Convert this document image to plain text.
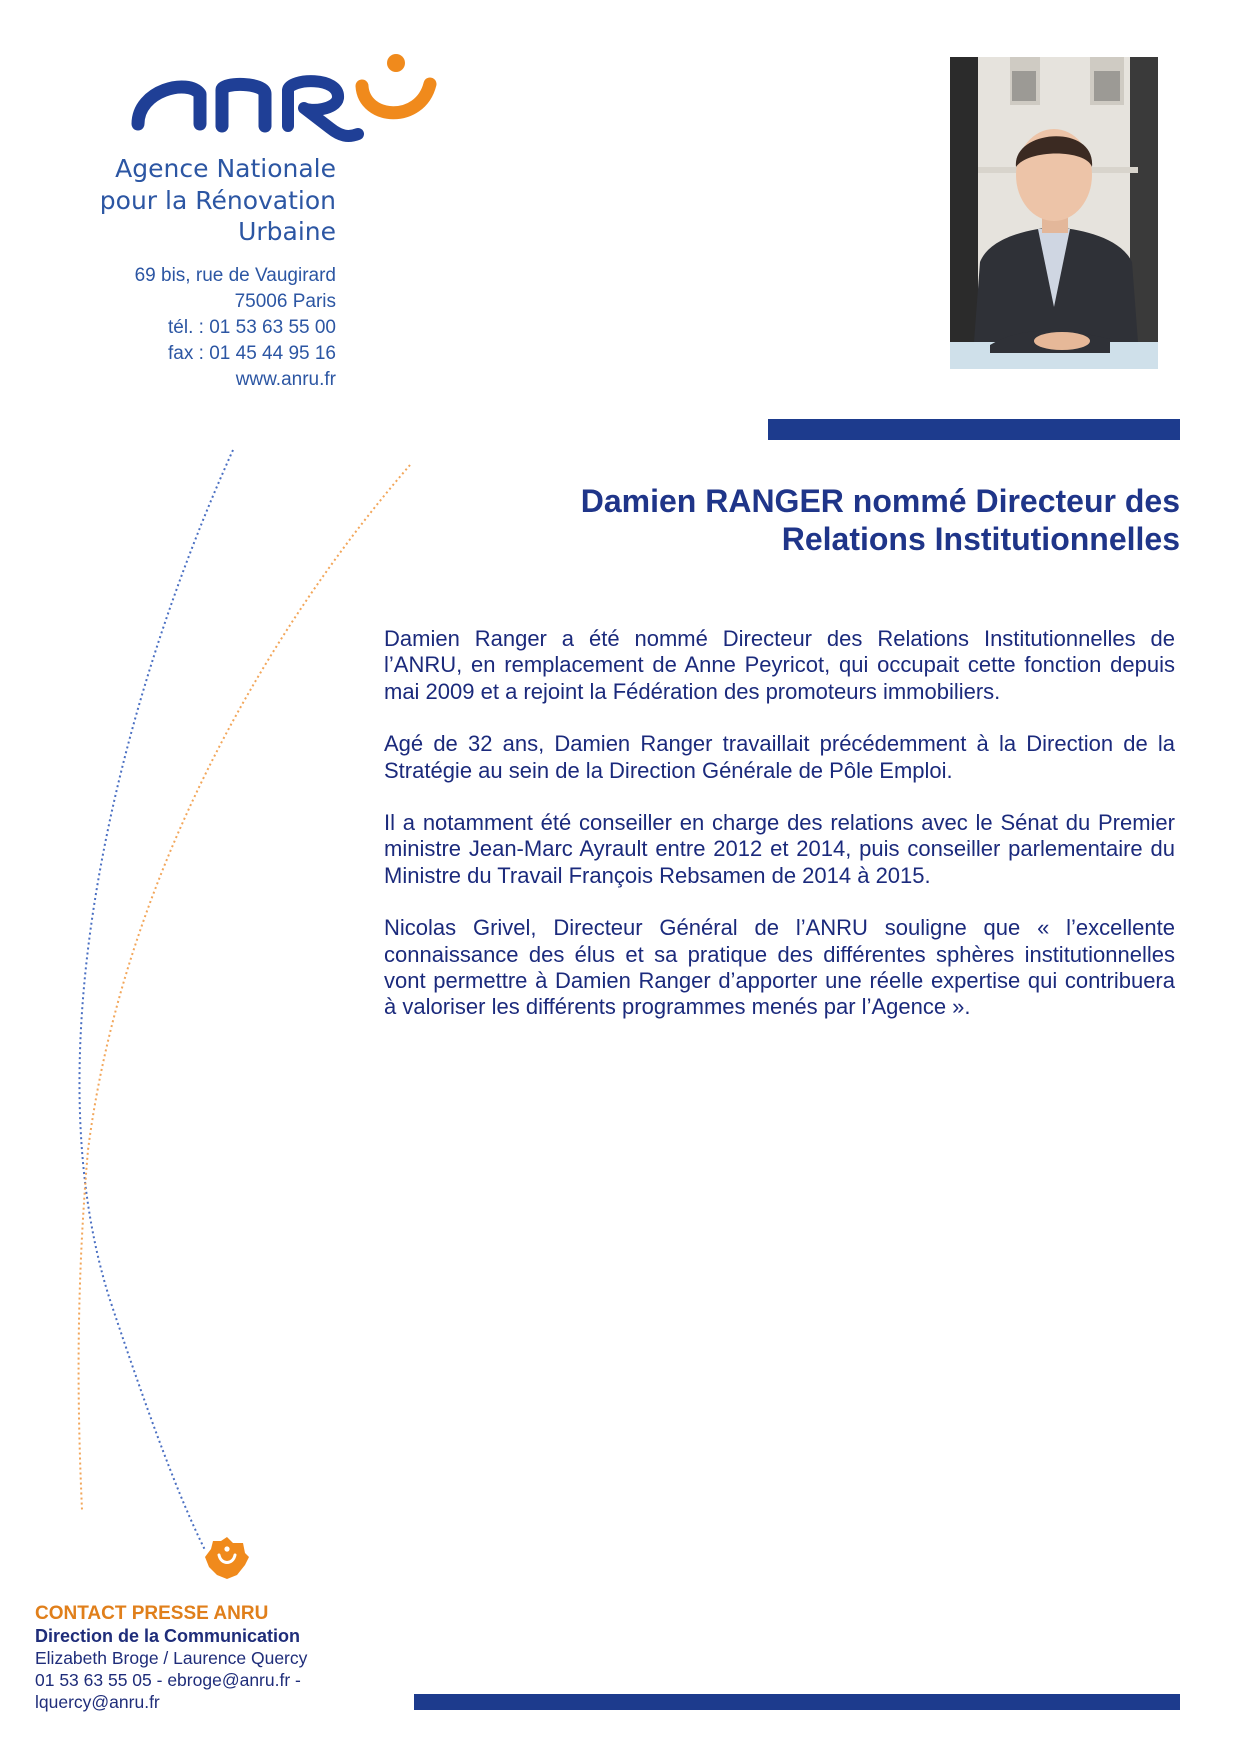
Agence Nationale
pour la Rénovation
Urbaine
69 bis, rue de Vaugirard
75006 Paris
tél. : 01 53 63 55 00
fax : 01 45 44 95 16
www.anru.fr
Damien RANGER nommé Directeur des
Relations Institutionnelles

Damien Ranger a été nommé Directeur des Relations Institutionnelles de l’ANRU, en remplacement de Anne Peyricot, qui occupait cette fonction depuis mai 2009 et a rejoint la Fédération des promoteurs immobiliers.

Agé de 32 ans, Damien Ranger travaillait précédemment à la Direction de la Stratégie au sein de la Direction Générale de Pôle Emploi.

Il a notamment été conseiller en charge des relations avec le Sénat du Premier ministre Jean-Marc Ayrault entre 2012 et 2014, puis conseiller parlementaire du Ministre du Travail François Rebsamen de 2014 à 2015.

Nicolas Grivel, Directeur Général de l’ANRU souligne que « l’excellente connaissance des élus et sa pratique des différentes sphères institutionnelles vont permettre à Damien Ranger d’apporter une réelle expertise qui contribuera à valoriser les différents programmes menés par l’Agence ».

CONTACT PRESSE ANRU
Direction de la Communication
Elizabeth Broge / Laurence Quercy
01 53 63 55 05 - ebroge@anru.fr -
lquercy@anru.fr
